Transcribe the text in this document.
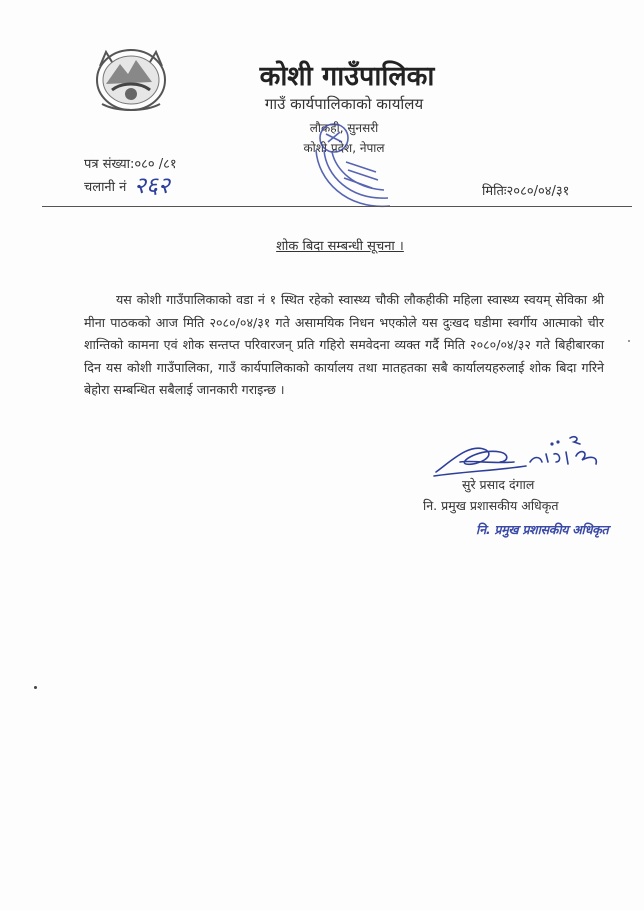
कोशी गाउँपालिका
गाउँ कार्यपालिकाको कार्यालय
लौकही, सुनसरी
कोशी प्रदेश, नेपाल
पत्र संख्या:०८० /८१
चलानी नं २६२	मितिः२०८०/०४/३१
शोक बिदा सम्बन्धी सूचना ।
यस कोशी गाउँपालिकाको वडा नं १ स्थित रहेको स्वास्थ्य चौकी लौकहीकी महिला स्वास्थ्य स्वयम् सेविका श्री मीना पाठकको आज मिति २०८०/०४/३१ गते असामयिक निधन भएकोले यस दुःखद घडीमा स्वर्गीय आत्माको चीर शान्तिको कामना एवं शोक सन्तप्त परिवारजन् प्रति गहिरो समवेदना व्यक्त गर्दै मिति २०८०/०४/३२ गते बिहीबारका दिन यस कोशी गाउँपालिका, गाउँ कार्यपालिकाको कार्यालय तथा मातहतका सबै कार्यालयहरुलाई शोक बिदा गरिने बेहोरा सम्बन्धित सबैलाई जानकारी गराइन्छ ।
सुरे प्रसाद दंगाल
नि. प्रमुख प्रशासकीय अधिकृत
नि. प्रमुख प्रशासकीय अधिकृत
